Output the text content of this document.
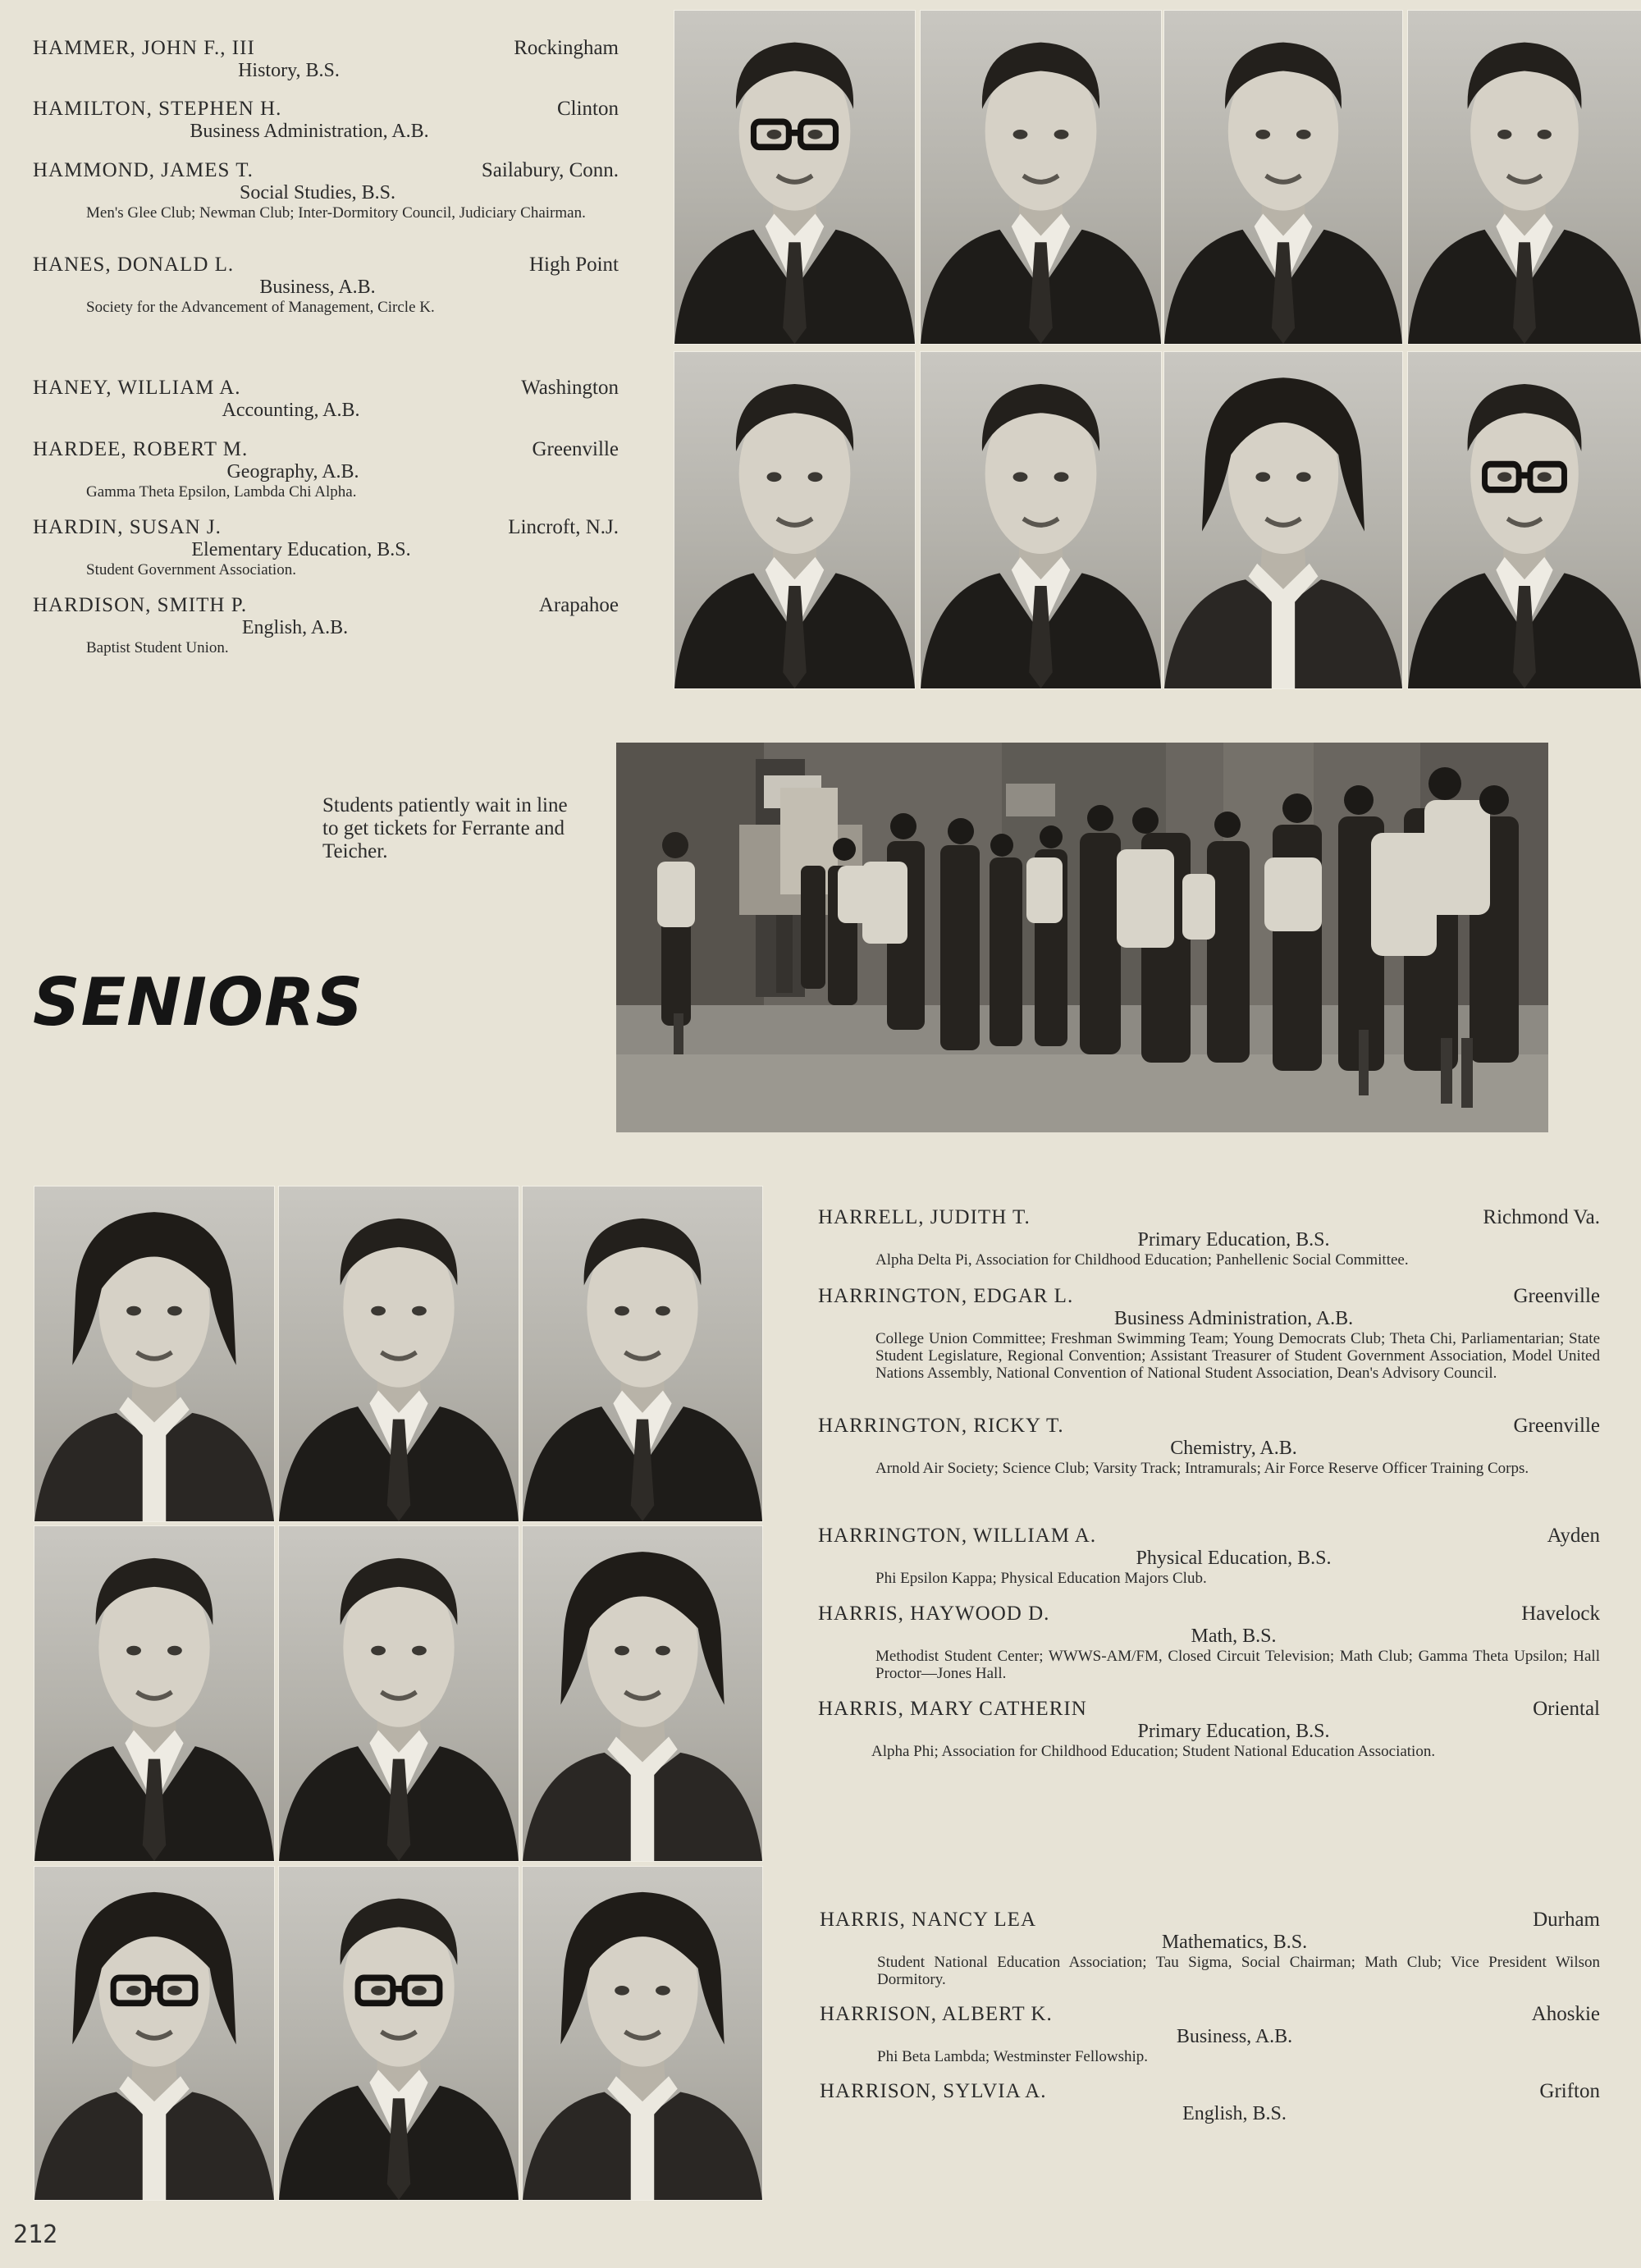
HAMMER, JOHN F., III	Rockingham
History, B.S.
HAMILTON, STEPHEN H.	Clinton
Business Administration, A.B.
HAMMOND, JAMES T.	Sailabury, Conn.
Social Studies, B.S.
Men's Glee Club; Newman Club; Inter-Dormitory Council, Judiciary Chairman.
HANES, DONALD L.	High Point
Business, A.B.
Society for the Advancement of Management, Circle K.
HANEY, WILLIAM A.	Washington
Accounting, A.B.
HARDEE, ROBERT M.	Greenville
Geography, A.B.
Gamma Theta Epsilon, Lambda Chi Alpha.
HARDIN, SUSAN J.	Lincroft, N.J.
Elementary Education, B.S.
Student Government Association.
HARDISON, SMITH P.	Arapahoe
English, A.B.
Baptist Student Union.
Students patiently wait in line to get tickets for Ferrante and Teicher.
SENIORS
HARRELL, JUDITH T.	Richmond Va.
Primary Education, B.S.
Alpha Delta Pi, Association for Childhood Education; Panhellenic Social Committee.
HARRINGTON, EDGAR L.	Greenville
Business Administration, A.B.
College Union Committee; Freshman Swimming Team; Young Democrats Club; Theta Chi, Parliamentarian; State Student Legislature, Regional Convention; Assistant Treasurer of Student Government Association, Model United Nations Assembly, National Convention of National Student Association, Dean's Advisory Council.
HARRINGTON, RICKY T.	Greenville
Chemistry, A.B.
Arnold Air Society; Science Club; Varsity Track; Intramurals; Air Force Reserve Officer Training Corps.
HARRINGTON, WILLIAM A.	Ayden
Physical Education, B.S.
Phi Epsilon Kappa; Physical Education Majors Club.
HARRIS, HAYWOOD D.	Havelock
Math, B.S.
Methodist Student Center; WWWS-AM/FM, Closed Circuit Television; Math Club; Gamma Theta Upsilon; Hall Proctor—Jones Hall.
HARRIS, MARY CATHERIN	Oriental
Primary Education, B.S.
Alpha Phi; Association for Childhood Education; Student National Education Association.
HARRIS, NANCY LEA	Durham
Mathematics, B.S.
Student National Education Association; Tau Sigma, Social Chairman; Math Club; Vice President Wilson Dormitory.
HARRISON, ALBERT K.	Ahoskie
Business, A.B.
Phi Beta Lambda; Westminster Fellowship.
HARRISON, SYLVIA A.	Grifton
English, B.S.
212
